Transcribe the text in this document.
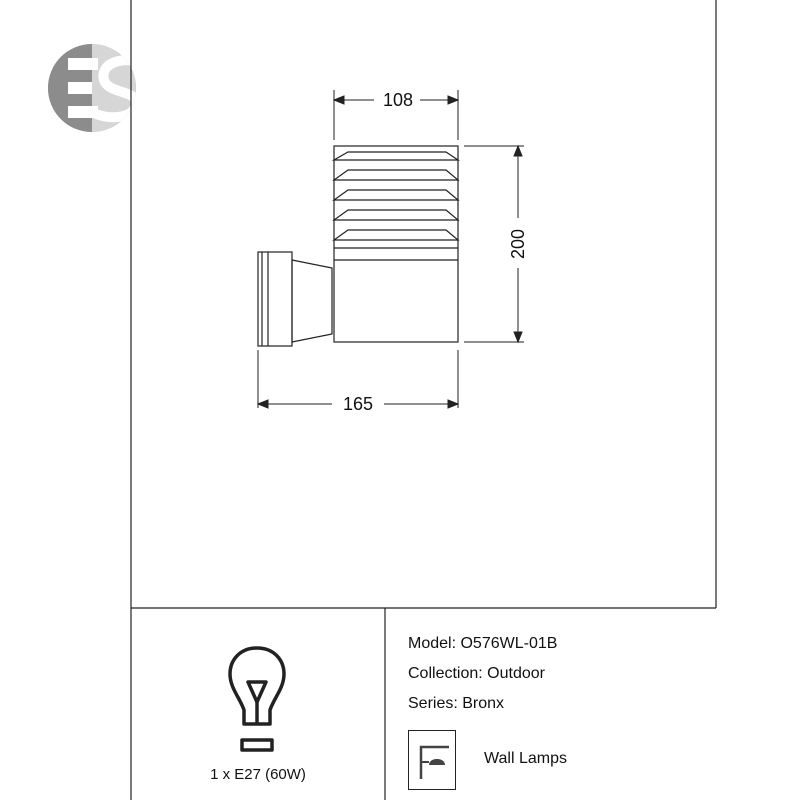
ES
108
200
165
1 x E27 (60W)
Model: O576WL-01B
Collection: Outdoor
Series: Bronx
Wall Lamps
